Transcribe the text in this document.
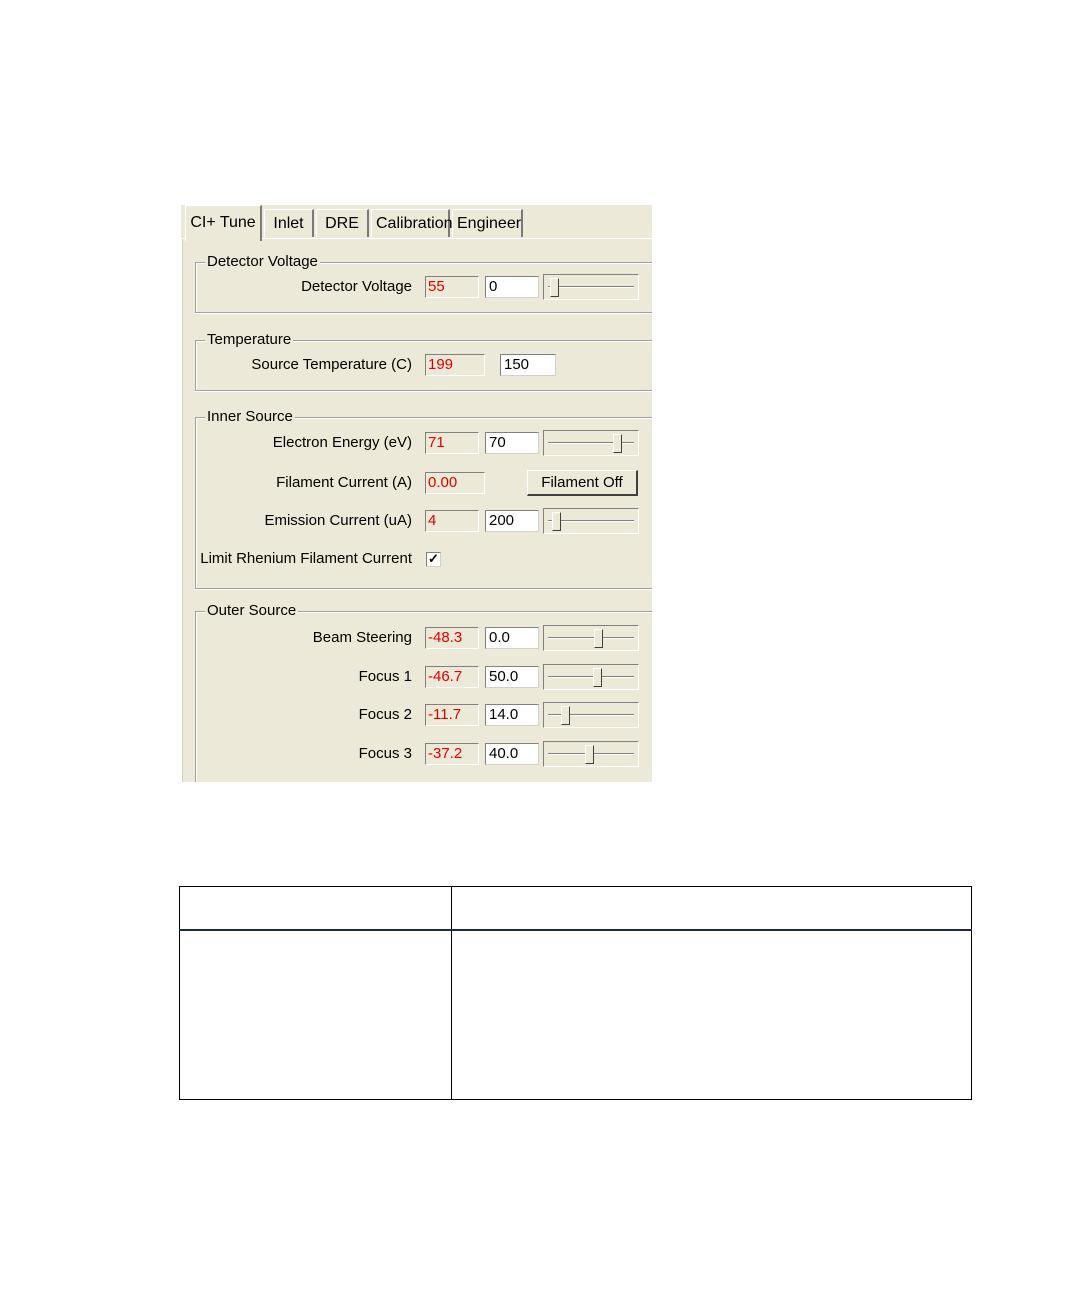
CI+ Tune	Inlet	DRE	Calibration Engineer
Detector Voltage
Detector Voltage 55	0
Temperature
Source Temperature (C) 199	150
Inner Source
Electron Energy (eV) 71	70
Filament Current (A) 0.00	Filament Off
Emission Current (uA) 4	200
Limit Rhenium Filament Current ✓
Outer Source
Beam Steering -48.3	0.0
Focus 1 -46.7	50.0
Focus 2 -11.7	14.0
Focus 3 -37.2	40.0
